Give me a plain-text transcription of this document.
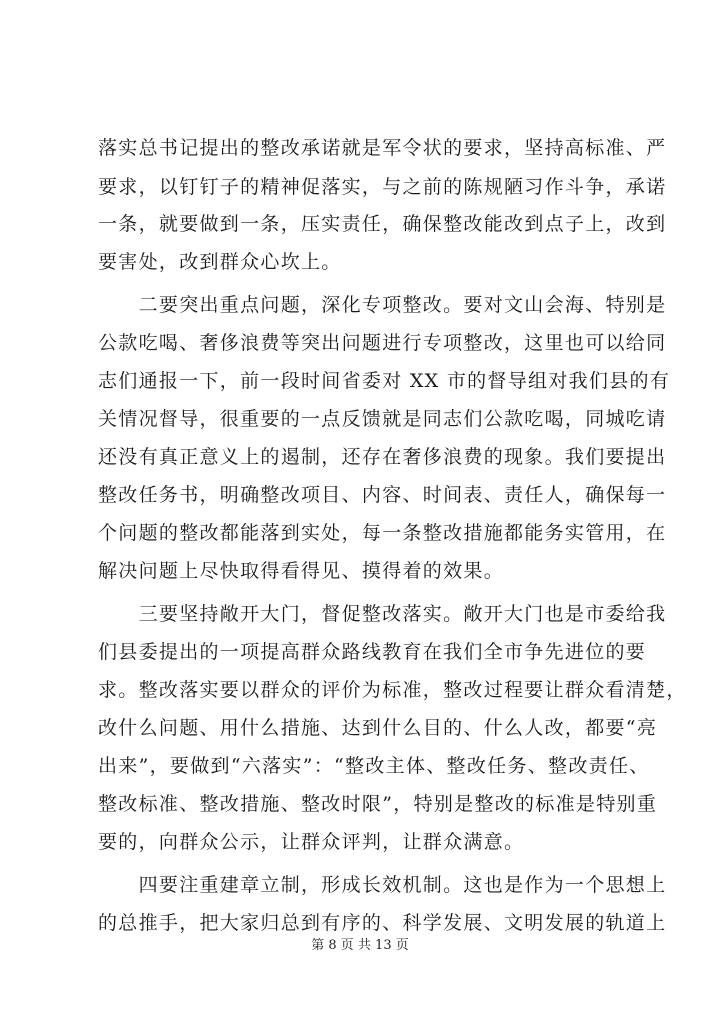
落实总书记提出的整改承诺就是军令状的要求，坚持高标准、严
要求，以钉钉子的精神促落实，与之前的陈规陋习作斗争，承诺
一条，就要做到一条，压实责任，确保整改能改到点子上，改到
要害处，改到群众心坎上。
　　二要突出重点问题，深化专项整改。要对文山会海、特别是
公款吃喝、奢侈浪费等突出问题进行专项整改，这里也可以给同
志们通报一下，前一段时间省委对 XX 市的督导组对我们县的有
关情况督导，很重要的一点反馈就是同志们公款吃喝，同城吃请
还没有真正意义上的遏制，还存在奢侈浪费的现象。我们要提出
整改任务书，明确整改项目、内容、时间表、责任人，确保每一
个问题的整改都能落到实处，每一条整改措施都能务实管用，在
解决问题上尽快取得看得见、摸得着的效果。
　　三要坚持敞开大门，督促整改落实。敞开大门也是市委给我
们县委提出的一项提高群众路线教育在我们全市争先进位的要
求。整改落实要以群众的评价为标准，整改过程要让群众看清楚，
改什么问题、用什么措施、达到什么目的、什么人改，都要“亮
出来”，要做到“六落实”：“整改主体、整改任务、整改责任、
整改标准、整改措施、整改时限”，特别是整改的标准是特别重
要的，向群众公示，让群众评判，让群众满意。
　　四要注重建章立制，形成长效机制。这也是作为一个思想上
的总推手，把大家归总到有序的、科学发展、文明发展的轨道上
第 8 页 共 13 页
